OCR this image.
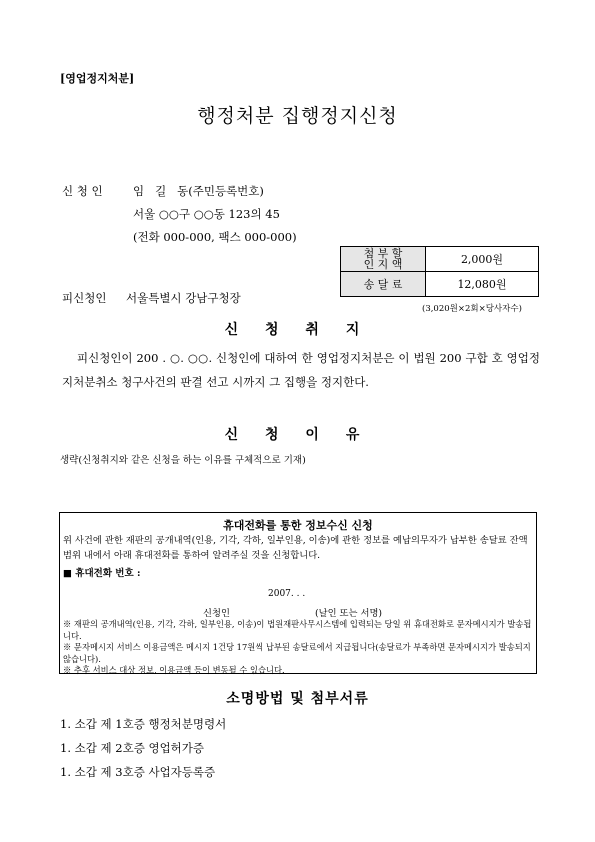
[영업정지처분]
행정처분 집행정지신청
신 청 인	임   길   동(주민등록번호)
서울 ○○구 ○○동 123의 45
(전화 000-000, 팩스 000-000)
첨 부 할
인 지 액	2,000원
송 달 료	12,080원
(3,020원×2회×당사자수)
피신청인 서울특별시 강남구청장
신 청 취 지
피신청인이 200 . ○. ○○. 신청인에 대하여 한 영업정지처분은 이 법원 200 구합 호 영업정지처분취소 청구사건의 판결 선고 시까지 그 집행을 정지한다.
신 청 이 유
생략(신청취지와 같은 신청을 하는 이유를 구체적으로 기재)
휴대전화를 통한 정보수신 신청
위 사건에 관한 재판의 공개내역(인용, 기각, 각하, 일부인용, 이송)에 관한 정보를 예납의무자가 납부한 송달료 잔액 범위 내에서 아래 휴대전화를 통하여 알려주실 것을 신청합니다.
■ 휴대전화 번호 :
2007. . .
신청인	(날인 또는 서명)
※ 재판의 공개내역(인용, 기각, 각하, 일부인용, 이송)이 법원재판사무시스템에 입력되는 당일 위 휴대전화로 문자메시지가 발송됩니다.
※ 문자메시지 서비스 이용금액은 메시지 1건당 17원씩 납부된 송달료에서 지급됩니다(송달료가 부족하면 문자메시지가 발송되지 않습니다).
※ 추후 서비스 대상 정보, 이용금액 등이 변동될 수 있습니다.
소명방법 및 첨부서류
1. 소갑 제 1호증 행정처분명령서
1. 소갑 제 2호증 영업허가증
1. 소갑 제 3호증 사업자등록증
